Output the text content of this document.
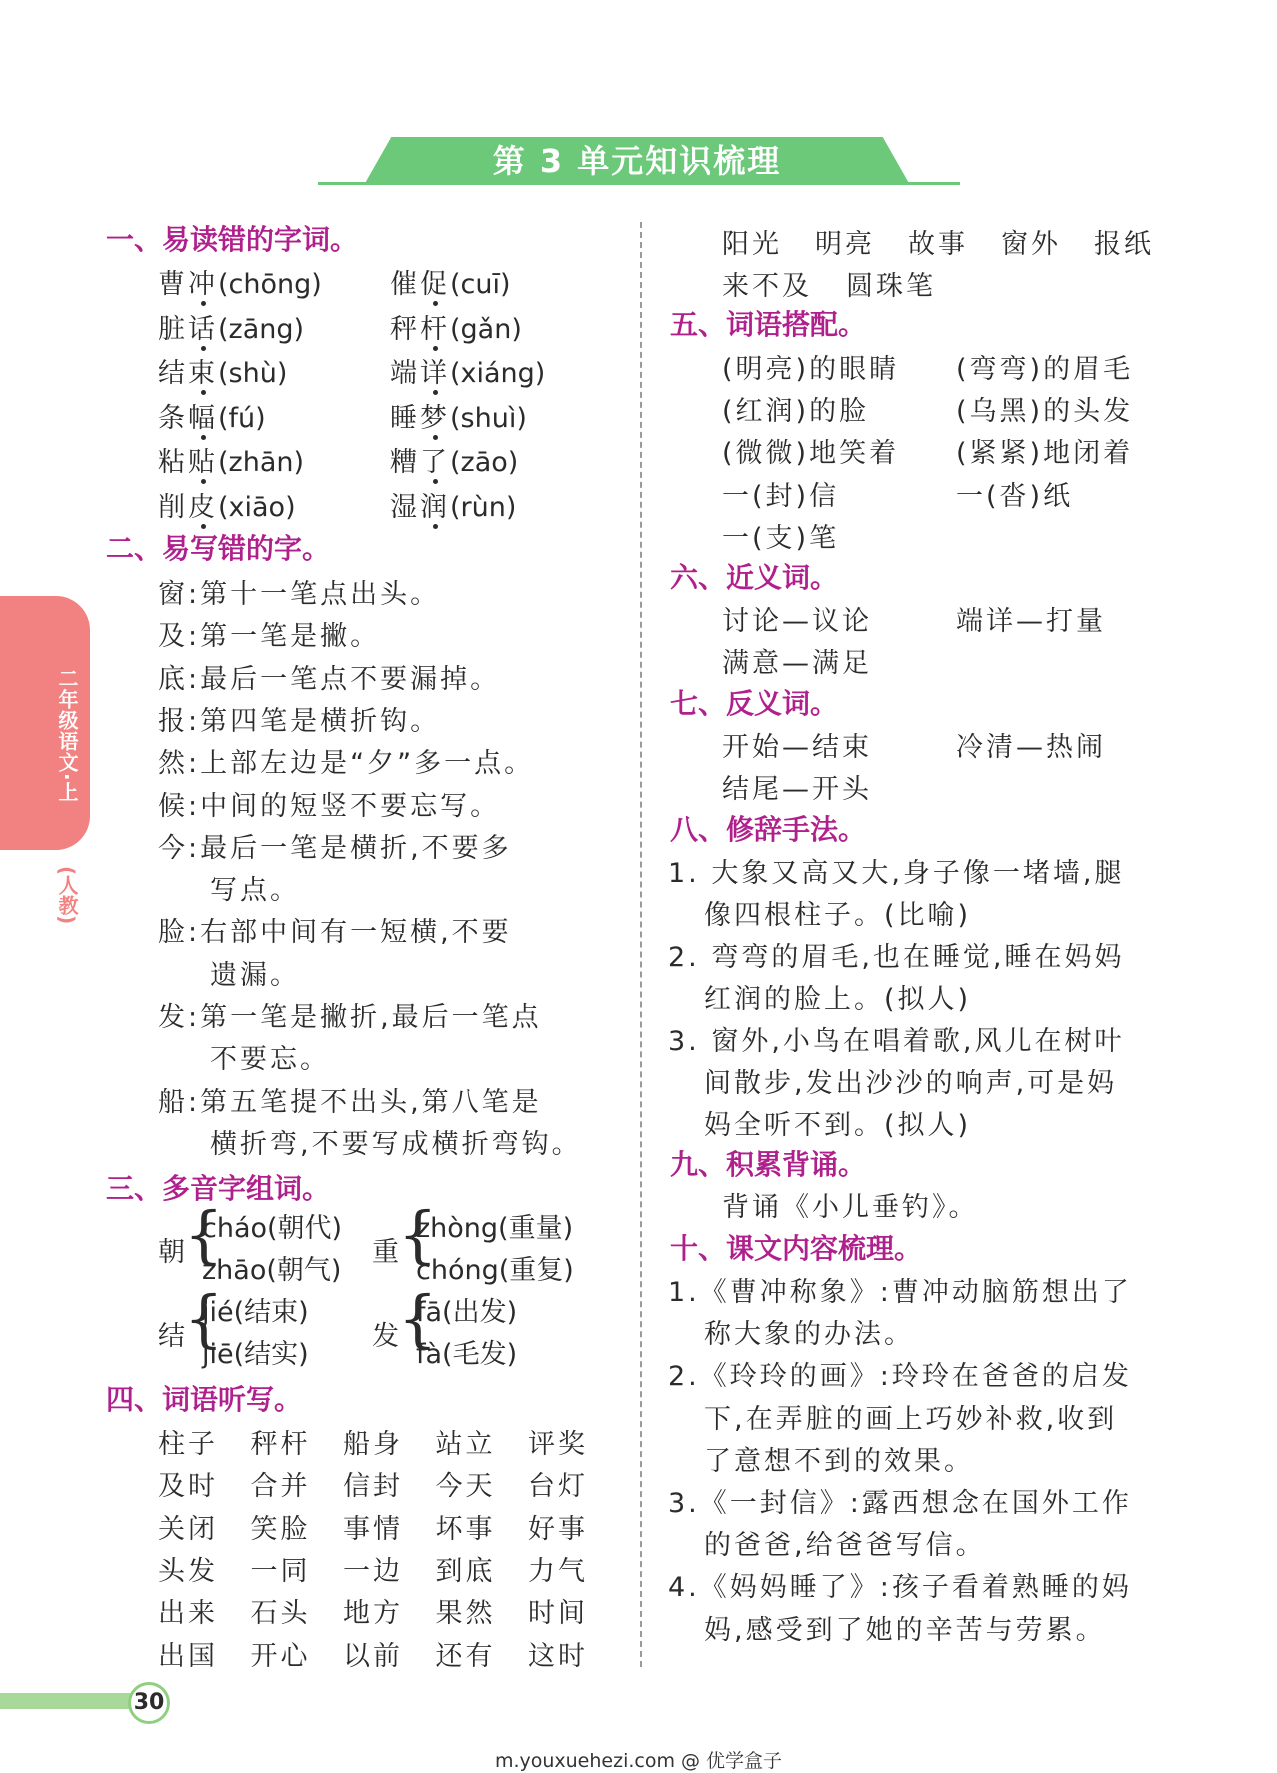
第 3 单元知识梳理
二年级语文·上
(人教)
一、易读错的字词。
曹冲(chōng)	催促(cuī)
脏话(zāng)	秤杆(gǎn)
结束(shù)	端详(xiáng)
条幅(fú)	睡梦(shuì)
粘贴(zhān)	糟了(zāo)
削皮(xiāo)	湿润(rùn)
二、易写错的字。
窗:第十一笔点出头。
及:第一笔是撇。
底:最后一笔点不要漏掉。
报:第四笔是横折钩。
然:上部左边是“夕”多一点。
候:中间的短竖不要忘写。
今:最后一笔是横折,不要多
写点。
脸:右部中间有一短横,不要
遗漏。
发:第一笔是撇折,最后一笔点
不要忘。
船:第五笔提不出头,第八笔是
横折弯,不要写成横折弯钩。
三、多音字组词。
朝
{
cháo(朝代)
zhāo(朝气)
重
{
zhòng(重量)
chóng(重复)
结
{
jié(结束)
jiē(结实)
发
{
fā(出发)
fà(毛发)
四、词语听写。
柱子 秤杆 船身 站立 评奖
及时 合并 信封 今天 台灯
关闭 笑脸 事情 坏事 好事
头发 一同 一边 到底 力气
出来 石头 地方 果然 时间
出国 开心 以前 还有 这时
阳光 明亮 故事 窗外 报纸
来不及 圆珠笔
五、词语搭配。
(明亮)的眼睛 (弯弯)的眉毛
(红润)的脸	(乌黑)的头发
(微微)地笑着 (紧紧)地闭着
一(封)信	一(沓)纸
一(支)笔
六、近义词。
讨论—议论	端详—打量
满意—满足
七、反义词。
开始—结束	冷清—热闹
结尾—开头
八、修辞手法。
1. 大象又高又大,身子像一堵墙,腿
像四根柱子。(比喻)
2. 弯弯的眉毛,也在睡觉,睡在妈妈
红润的脸上。(拟人)
3. 窗外,小鸟在唱着歌,风儿在树叶
间散步,发出沙沙的响声,可是妈
妈全听不到。(拟人)
九、积累背诵。
背诵《小儿垂钓》。
十、课文内容梳理。
1.《曹冲称象》:曹冲动脑筋想出了
称大象的办法。
2.《玲玲的画》:玲玲在爸爸的启发
下,在弄脏的画上巧妙补救,收到
了意想不到的效果。
3.《一封信》:露西想念在国外工作
的爸爸,给爸爸写信。
4.《妈妈睡了》:孩子看着熟睡的妈
妈,感受到了她的辛苦与劳累。
30
m.youxuehezi.com @ 优学盒子
